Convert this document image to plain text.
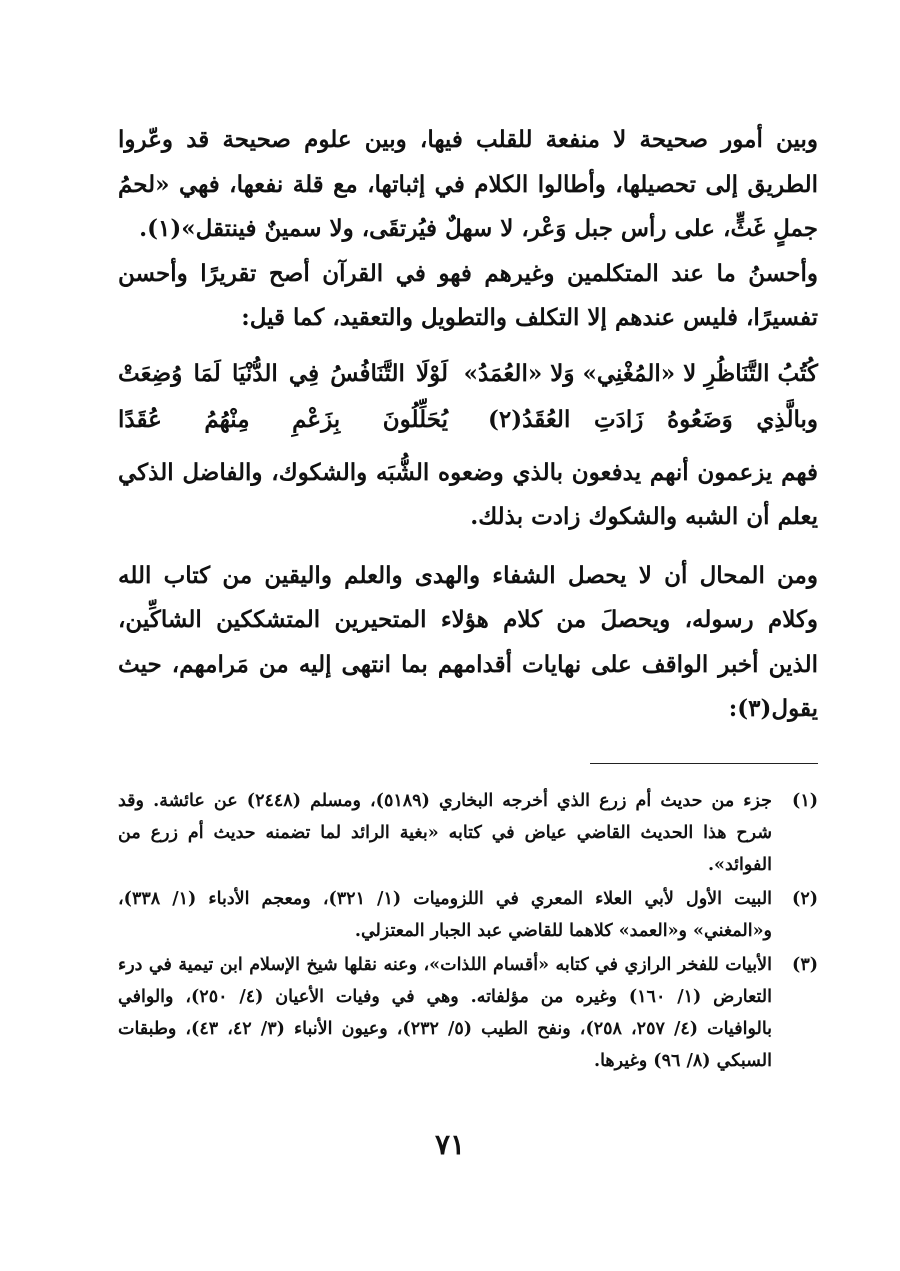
وبين أمور صحيحة لا منفعة للقلب فيها، وبين علوم صحيحة قد وعّروا الطريق إلى تحصيلها، وأطالوا الكلام في إثباتها، مع قلة نفعها، فهي «لحمُ جملٍ غَثٍّ، على رأس جبل وَعْر، لا سهلٌ فيُرتقَى، ولا سمينٌ فينتقل»(١).

وأحسنُ ما عند المتكلمين وغيرهم فهو في القرآن أصح تقريرًا وأحسن تفسيرًا، فليس عندهم إلا التكلف والتطويل والتعقيد، كما قيل:

كُتُبُ التَّنَاظُرِ لا «المُغْنِي» وَلا «العُمَدُ»
لَوْلَا التَّنَافُسُ فِي الدُّنْيَا لَمَا وُضِعَتْ
وبالَّذِي وَضَعُوهُ زَادَتِ العُقَدُ(٢)
يُحَلِّلُونَ بِزَعْمِ مِنْهُمُ عُقَدًا

فهم يزعمون أنهم يدفعون بالذي وضعوه الشُّبَه والشكوك، والفاضل الذكي يعلم أن الشبه والشكوك زادت بذلك.

ومن المحال أن لا يحصل الشفاء والهدى والعلم واليقين من كتاب الله وكلام رسوله، ويحصلَ من كلام هؤلاء المتحيرين المتشككين الشاكِّين، الذين أخبر الواقف على نهايات أقدامهم بما انتهى إليه من مَرامهم، حيث يقول(٣):

(١)
جزء من حديث أم زرع الذي أخرجه البخاري (٥١٨٩)، ومسلم (٢٤٤٨) عن عائشة. وقد شرح هذا الحديث القاضي عياض في كتابه «بغية الرائد لما تضمنه حديث أم زرع من الفوائد».
(٢)
البيت الأول لأبي العلاء المعري في اللزوميات (١/ ٣٢١)، ومعجم الأدباء (١/ ٣٣٨)، و«المغني» و«العمد» كلاهما للقاضي عبد الجبار المعتزلي.
(٣)
الأبيات للفخر الرازي في كتابه «أقسام اللذات»، وعنه نقلها شيخ الإسلام ابن تيمية في درء التعارض (١/ ١٦٠) وغيره من مؤلفاته. وهي في وفيات الأعيان (٤/ ٢٥٠)، والوافي بالوافيات (٤/ ٢٥٧، ٢٥٨)، ونفح الطيب (٥/ ٢٣٢)، وعيون الأنباء (٣/ ٤٢، ٤٣)، وطبقات السبكي (٨/ ٩٦) وغيرها.
٧١
